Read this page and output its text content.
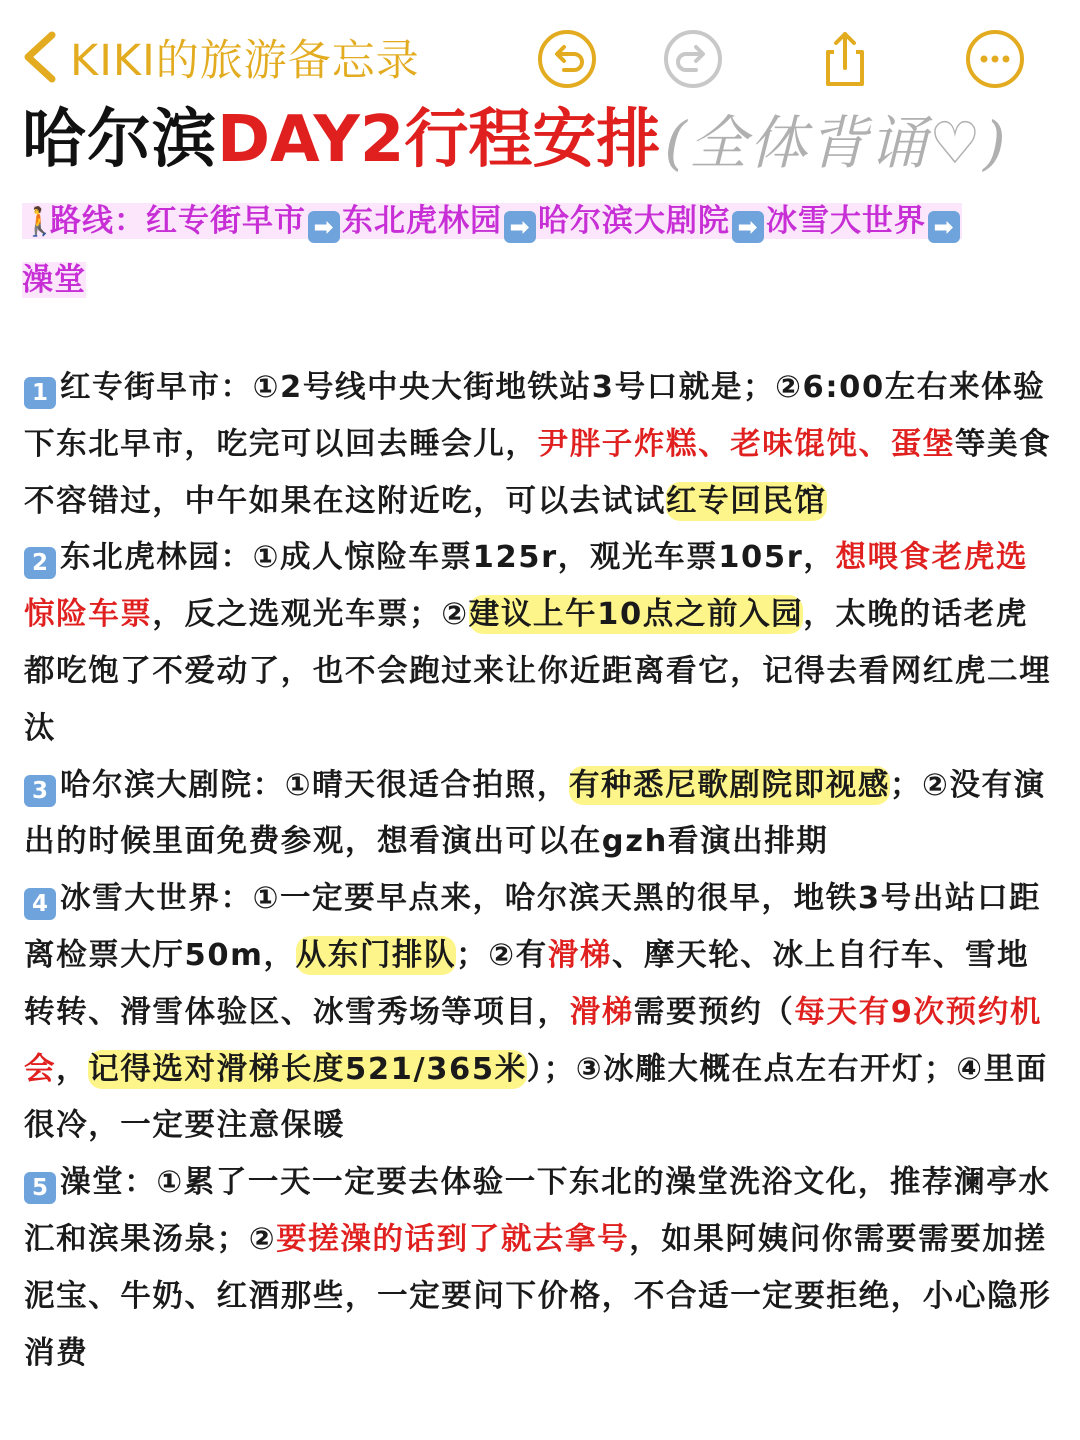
KIKI的旅游备忘录
哈尔滨 DAY2行程安排 (全体背诵♡)
🚶路线：红专街早市 ➡ 东北虎林园 ➡ 哈尔滨大剧院 ➡ 冰雪大世界 ➡
澡堂

1 红专街早市：①2号线中央大街地铁站3号口就是；②6:00左右来体验下东北早市，吃完可以回去睡会儿，尹胖子炸糕、老味馄饨、蛋堡等美食不容错过，中午如果在这附近吃，可以去试试红专回民馆

2 东北虎林园：①成人惊险车票125r，观光车票105r，想喂食老虎选惊险车票，反之选观光车票；②建议上午10点之前入园，太晚的话老虎都吃饱了不爱动了，也不会跑过来让你近距离看它，记得去看网红虎二埋汰

3 哈尔滨大剧院：①晴天很适合拍照，有种悉尼歌剧院即视感；②没有演出的时候里面免费参观，想看演出可以在gzh看演出排期

4 冰雪大世界：①一定要早点来，哈尔滨天黑的很早，地铁3号出站口距离检票大厅50m，从东门排队；②有滑梯、摩天轮、冰上自行车、雪地转转、滑雪体验区、冰雪秀场等项目，滑梯需要预约（每天有9次预约机会，记得选对滑梯长度521/365米）；③冰雕大概在点左右开灯；④里面很冷，一定要注意保暖

5 澡堂：①累了一天一定要去体验一下东北的澡堂洗浴文化，推荐澜亭水汇和滨果汤泉；②要搓澡的话到了就去拿号，如果阿姨问你需要需要加搓泥宝、牛奶、红酒那些，一定要问下价格，不合适一定要拒绝，小心隐形消费
